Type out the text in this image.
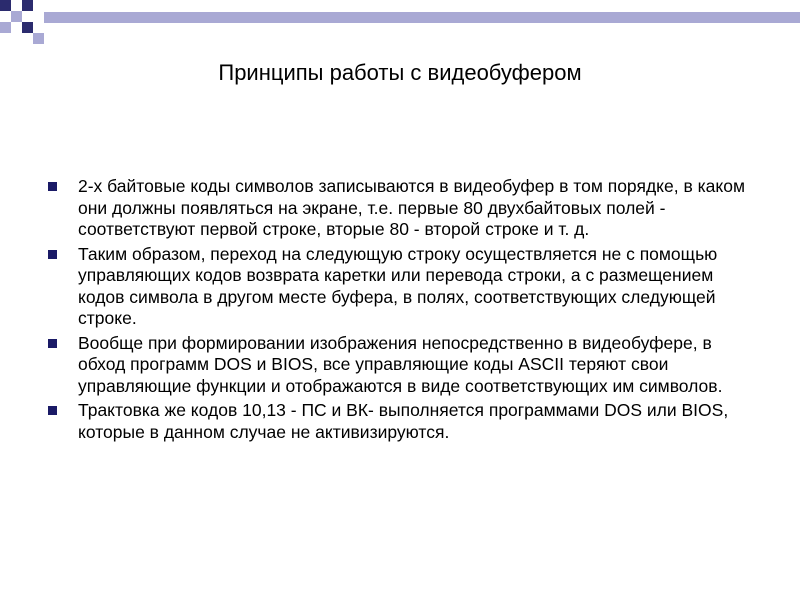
Принципы работы с видеобуфером
2-х байтовые коды символов записываются в видеобуфер в том порядке, в каком они должны появляться на экране, т.е. первые 80 двухбайтовых полей - соответствуют первой строке, вторые 80 - второй строке и т. д.
Таким образом, переход на следующую строку осуществляется не с помощью управляющих кодов возврата каретки или перевода строки, а с размещением кодов символа в другом месте буфера, в полях, соответствующих следующей строке.
Вообще при формировании изображения непосредственно в видеобуфере, в обход программ DOS и BIOS, все управляющие коды ASCII теряют свои управляющие функции и отображаются в виде соответствующих им символов.
Трактовка же кодов 10,13 - ПС и ВК- выполняется программами DOS или BIOS, которые в данном случае не активизируются.
